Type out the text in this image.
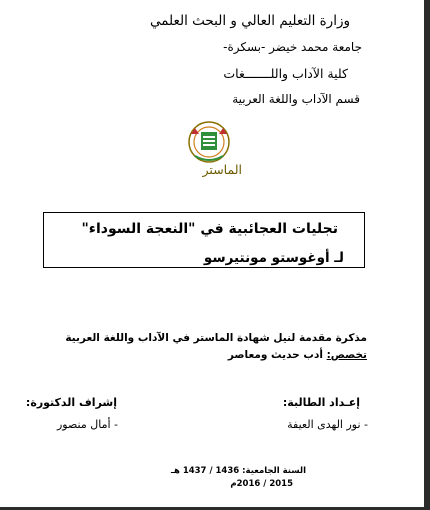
وزارة التعليم العالي و البحث العلمي
جامعة محمد خيضر -بسكرة-
كلية الآداب واللـــــــغات
قسم الآداب واللغة العربية
الماستر
تجليات العجائبية في "النعجة السوداء"
لـ أوغوستو مونتيرسو
مذكرة مقدمة لنيل شهادة الماستر في الآداب واللغة العربية
تخصص: أدب حديث ومعاصر
إعـداد الطالبة:
- نور الهدى العيفة
إشراف الدكتورة:
- أمال منصور
السنة الجامعية: 1436 / 1437 هـ
2015 / 2016م
